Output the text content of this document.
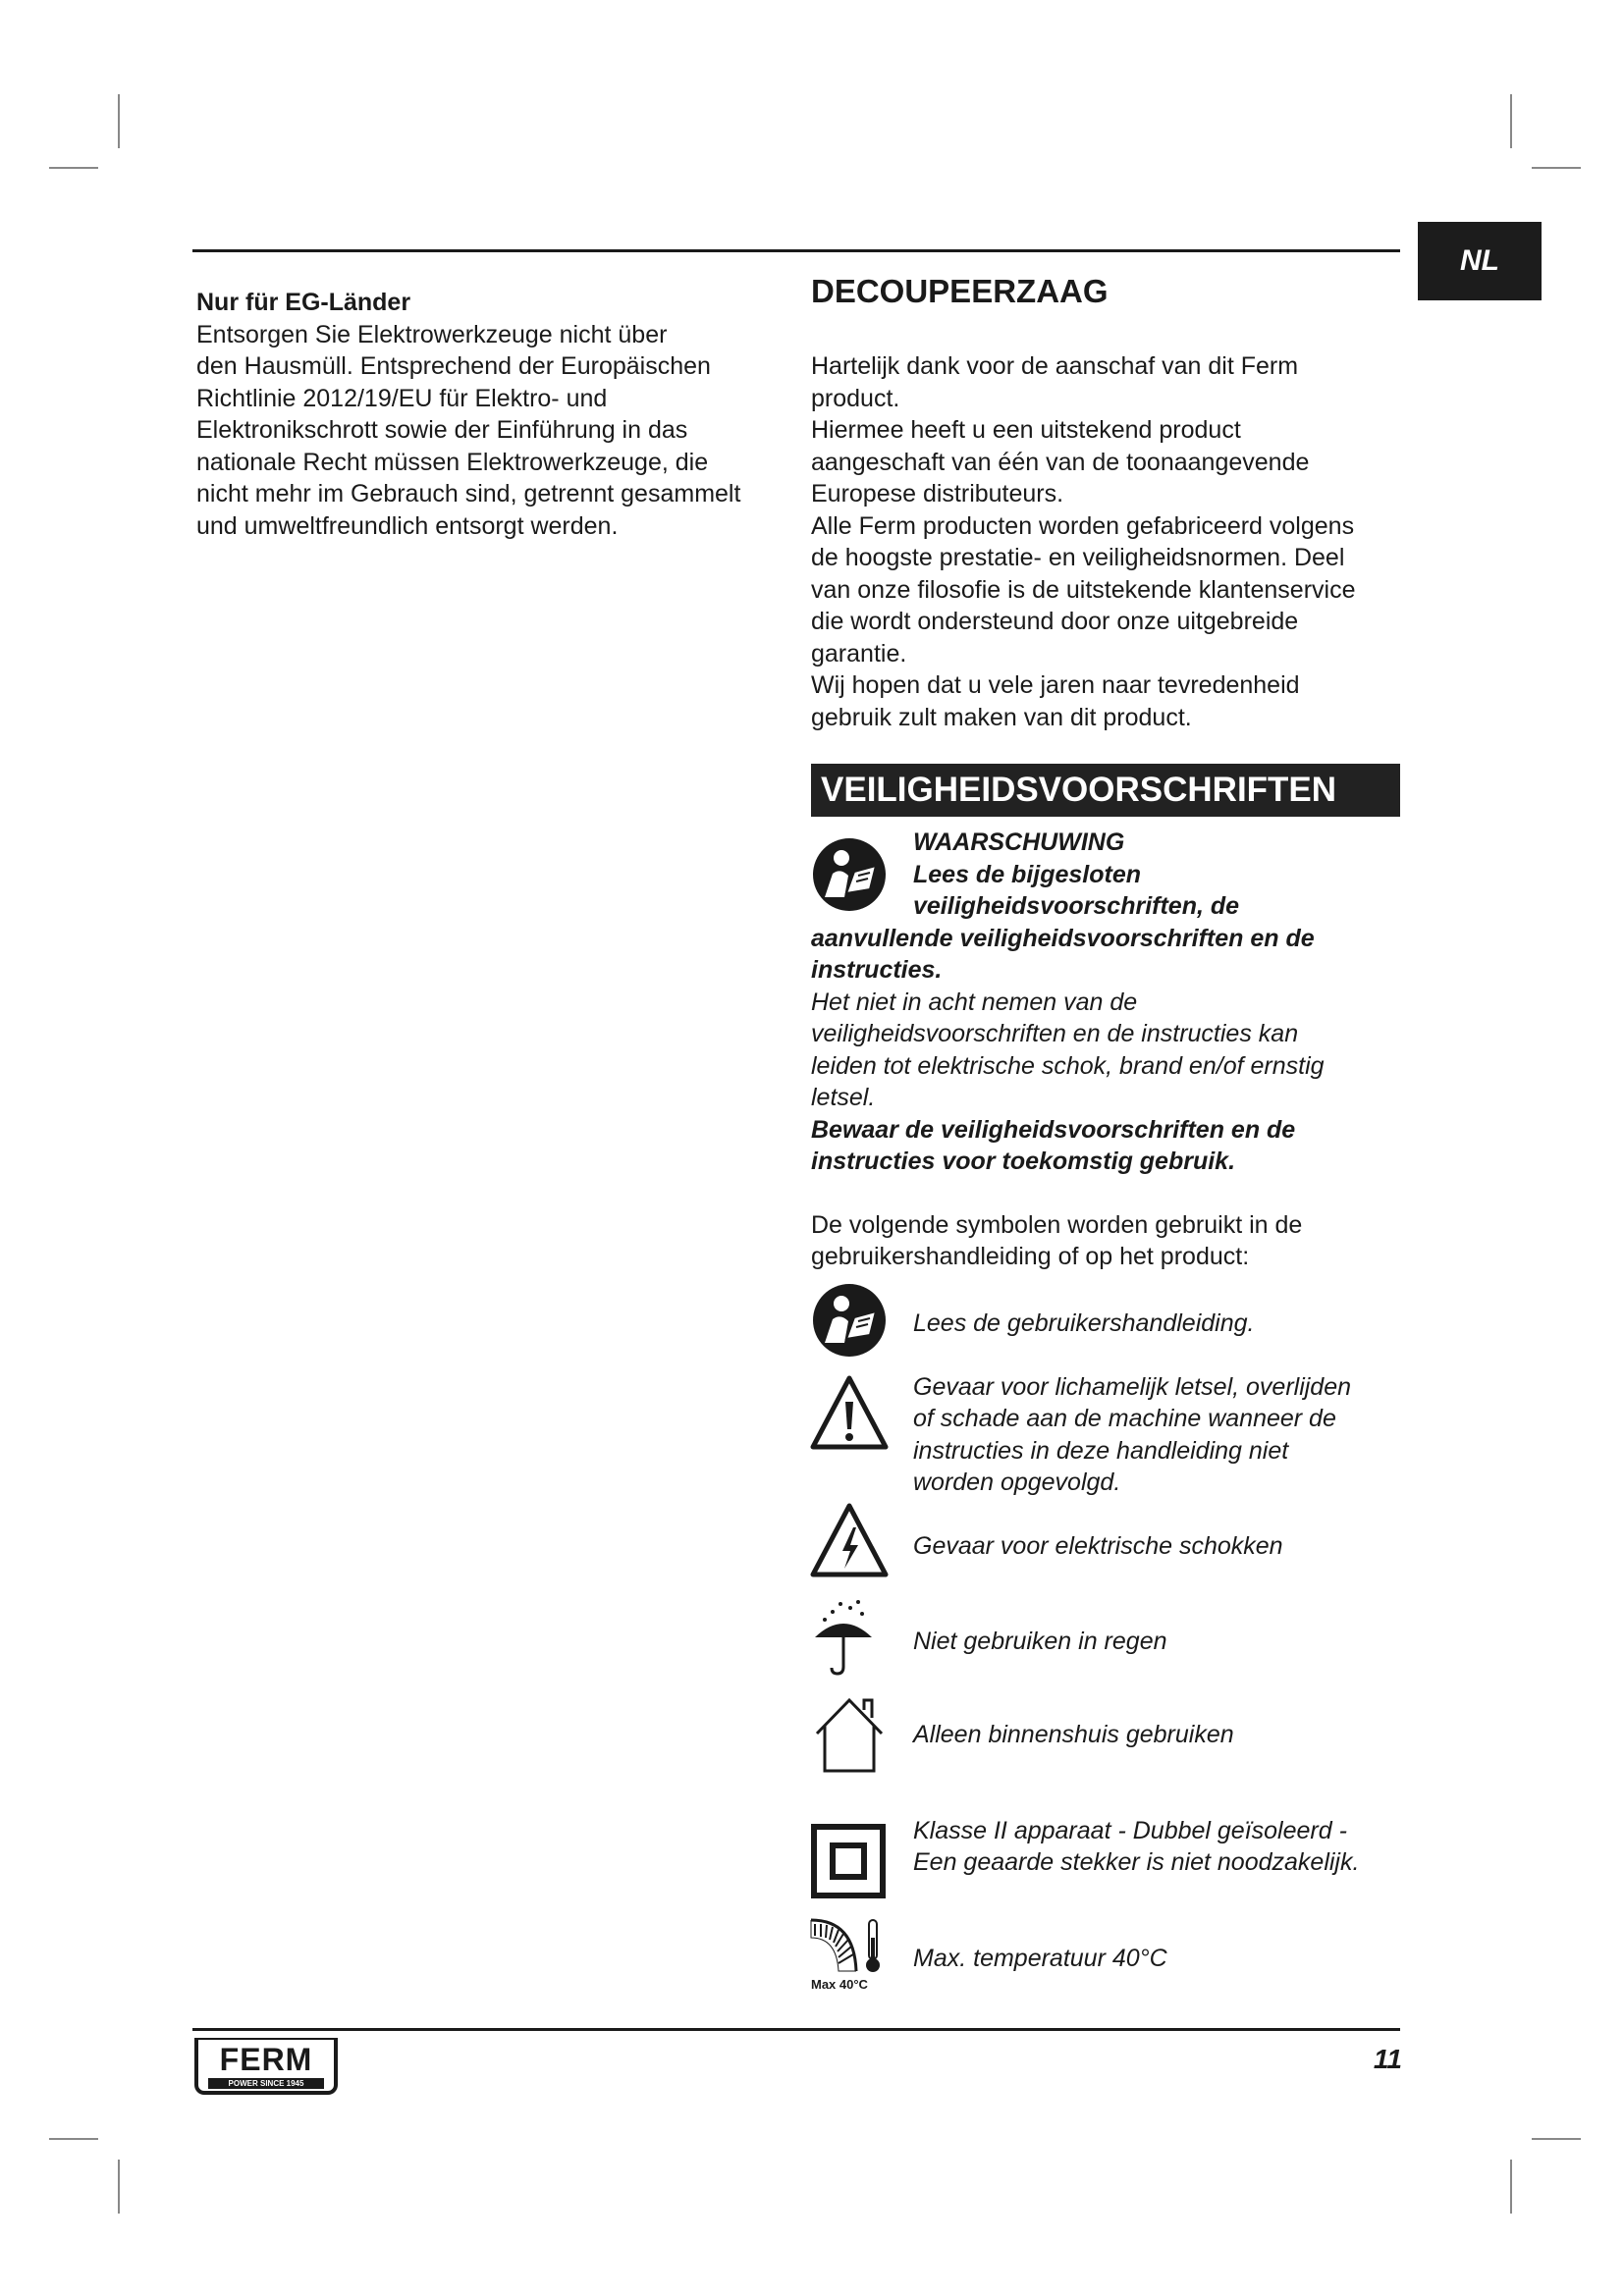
NL
Nur für EG-Länder
Entsorgen Sie Elektrowerkzeuge nicht über
den Hausmüll. Entsprechend der Europäischen
Richtlinie 2012/19/EU für Elektro- und
Elektronikschrott sowie der Einführung in das
nationale Recht müssen Elektrowerkzeuge, die
nicht mehr im Gebrauch sind, getrennt gesammelt
und umweltfreundlich entsorgt werden.
DECOUPEERZAAG
Hartelijk dank voor de aanschaf van dit Ferm
product.
Hiermee heeft u een uitstekend product
aangeschaft van één van de toonaangevende
Europese distributeurs.
Alle Ferm producten worden gefabriceerd volgens
de hoogste prestatie- en veiligheidsnormen. Deel
van onze filosofie is de uitstekende klantenservice
die wordt ondersteund door onze uitgebreide
garantie.
Wij hopen dat u vele jaren naar tevredenheid
gebruik zult maken van dit product.
VEILIGHEIDSVOORSCHRIFTEN
WAARSCHUWING
Lees de bijgesloten
veiligheidsvoorschriften, de
aanvullende veiligheidsvoorschriften en de
instructies.
Het niet in acht nemen van de
veiligheidsvoorschriften en de instructies kan
leiden tot elektrische schok, brand en/of ernstig
letsel.
Bewaar de veiligheidsvoorschriften en de
instructies voor toekomstig gebruik.
De volgende symbolen worden gebruikt in de
gebruikershandleiding of op het product:
Lees de gebruikershandleiding.
Gevaar voor lichamelijk letsel, overlijden
of schade aan de machine wanneer de
instructies in deze handleiding niet
worden opgevolgd.
Gevaar voor elektrische schokken
Niet gebruiken in regen
Alleen binnenshuis gebruiken
Klasse II apparaat - Dubbel geïsoleerd -
Een geaarde stekker is niet noodzakelijk.
Max 40°C
Max. temperatuur 40°C
FERM
POWER SINCE 1945
11
